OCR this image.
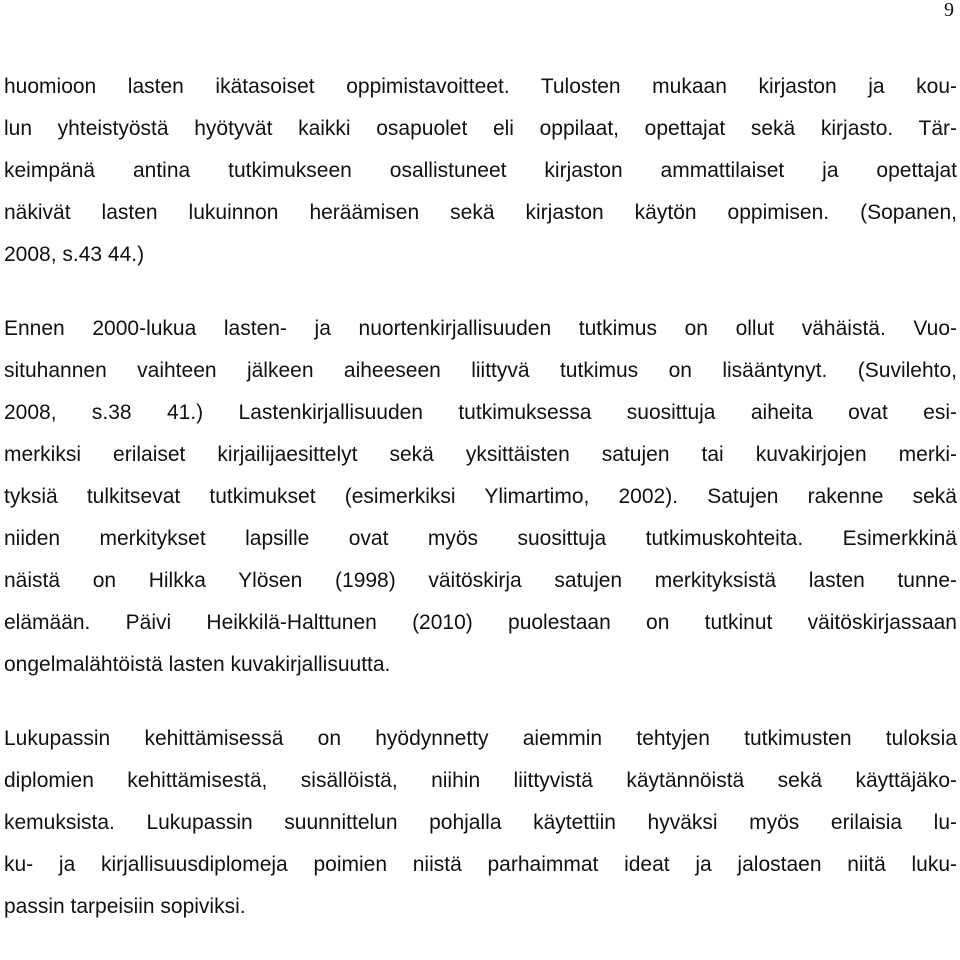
9
huomioon lasten ikätasoiset oppimistavoitteet. Tulosten mukaan kirjaston ja kou-
lun yhteistyöstä hyötyvät kaikki osapuolet eli oppilaat, opettajat sekä kirjasto. Tär-
keimpänä antina tutkimukseen osallistuneet kirjaston ammattilaiset ja opettajat
näkivät lasten lukuinnon heräämisen sekä kirjaston käytön oppimisen. (Sopanen,
2008, s.43 44.)
Ennen 2000-lukua lasten- ja nuortenkirjallisuuden tutkimus on ollut vähäistä. Vuo-
situhannen vaihteen jälkeen aiheeseen liittyvä tutkimus on lisääntynyt. (Suvilehto,
2008, s.38 41.) Lastenkirjallisuuden tutkimuksessa suosittuja aiheita ovat esi-
merkiksi erilaiset kirjailijaesittelyt sekä yksittäisten satujen tai kuvakirjojen merki-
tyksiä tulkitsevat tutkimukset (esimerkiksi Ylimartimo, 2002). Satujen rakenne sekä
niiden merkitykset lapsille ovat myös suosittuja tutkimuskohteita. Esimerkkinä
näistä on Hilkka Ylösen (1998) väitöskirja satujen merkityksistä lasten tunne-
elämään. Päivi Heikkilä-Halttunen (2010) puolestaan on tutkinut väitöskirjassaan
ongelmalähtöistä lasten kuvakirjallisuutta.
Lukupassin kehittämisessä on hyödynnetty aiemmin tehtyjen tutkimusten tuloksia
diplomien kehittämisestä, sisällöistä, niihin liittyvistä käytännöistä sekä käyttäjäko-
kemuksista. Lukupassin suunnittelun pohjalla käytettiin hyväksi myös erilaisia lu-
ku- ja kirjallisuusdiplomeja poimien niistä parhaimmat ideat ja jalostaen niitä luku-
passin tarpeisiin sopiviksi.
